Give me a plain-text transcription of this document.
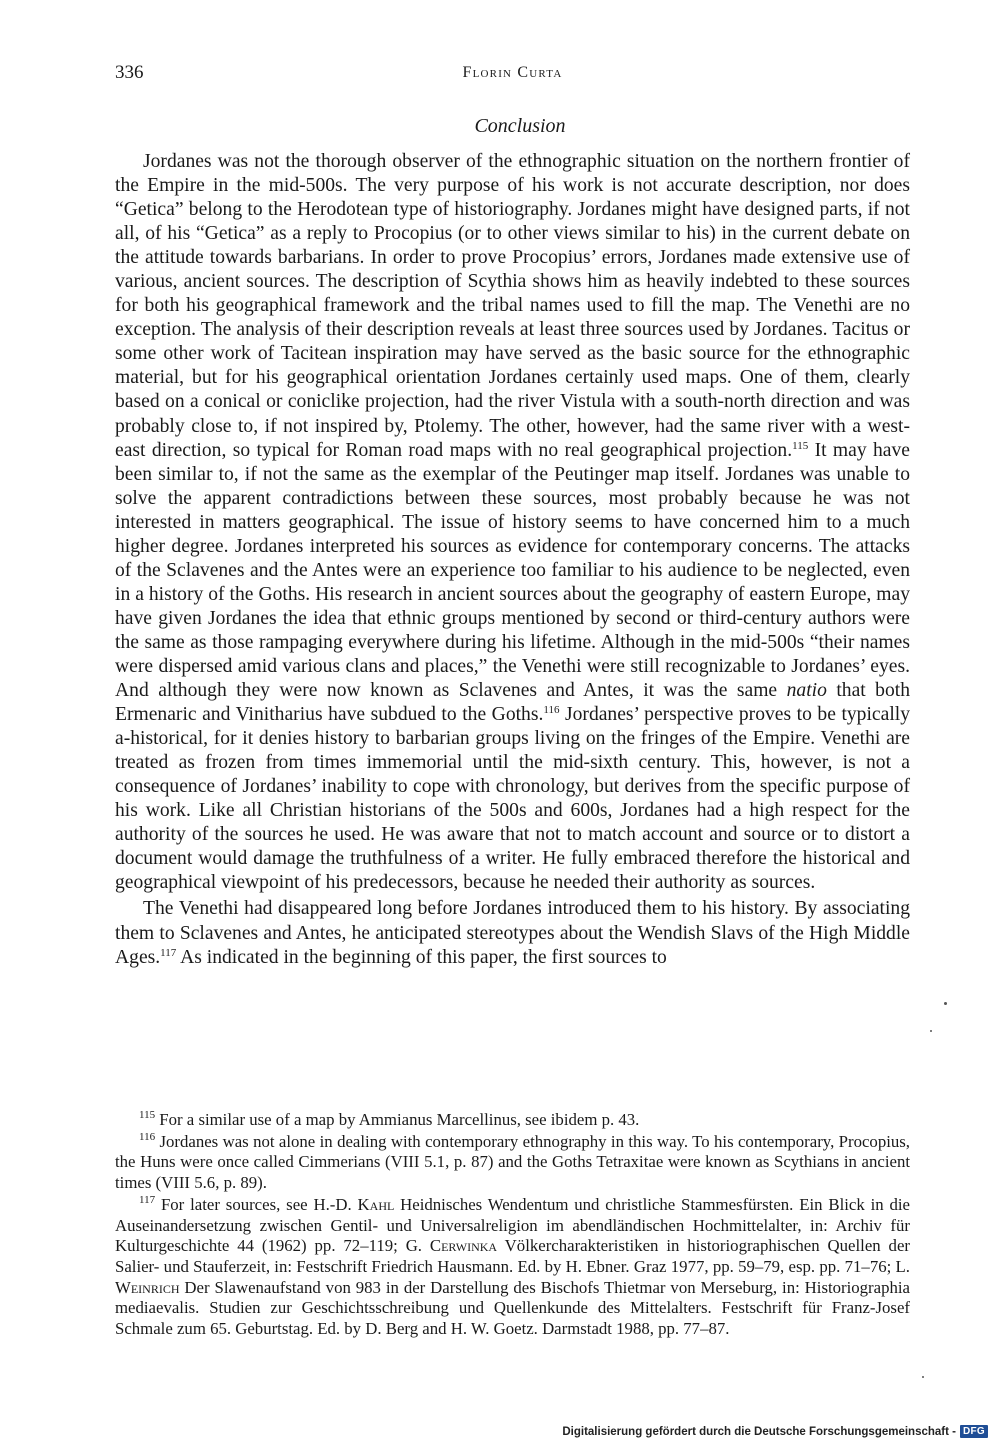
336	Florin Curta
Conclusion

Jordanes was not the thorough observer of the ethnographic situation on the northern frontier of the Empire in the mid-500s. The very purpose of his work is not accurate description, nor does “Getica” belong to the Herodotean type of historiography. Jordanes might have designed parts, if not all, of his “Getica” as a reply to Procopius (or to other views similar to his) in the current debate on the attitude towards barbarians. In order to prove Procopius’ errors, Jordanes made extensive use of various, ancient sources. The description of Scythia shows him as heavily indebted to these sources for both his geographical framework and the tribal names used to fill the map. The Venethi are no exception. The analysis of their description reveals at least three sources used by Jordanes. Tacitus or some other work of Tacitean inspiration may have served as the basic source for the ethnographic material, but for his geographical orientation Jordanes certainly used maps. One of them, clearly based on a conical or coniclike projection, had the river Vistula with a south-north direction and was probably close to, if not inspired by, Ptolemy. The other, however, had the same river with a west-east direction, so typical for Roman road maps with no real geographical projection.$^{115}$ It may have been similar to, if not the same as the exemplar of the Peutinger map itself. Jordanes was unable to solve the apparent contradictions between these sources, most probably because he was not interested in matters geographical. The issue of history seems to have concerned him to a much higher degree. Jordanes interpreted his sources as evidence for contemporary concerns. The attacks of the Sclavenes and the Antes were an experience too familiar to his audience to be neglected, even in a history of the Goths. His research in ancient sources about the geography of eastern Europe, may have given Jordanes the idea that ethnic groups mentioned by second or third-century authors were the same as those rampaging everywhere during his lifetime. Although in the mid-500s “their names were dispersed amid various clans and places,” the Venethi were still recognizable to Jordanes’ eyes. And although they were now known as Sclavenes and Antes, it was the same natio that both Ermenaric and Vinitharius have subdued to the Goths.$^{116}$ Jordanes’ perspective proves to be typically a-historical, for it denies history to barbarian groups living on the fringes of the Empire. Venethi are treated as frozen from times immemorial until the mid-sixth century. This, however, is not a consequence of Jordanes’ inability to cope with chronology, but derives from the specific purpose of his work. Like all Christian historians of the 500s and 600s, Jordanes had a high respect for the authority of the sources he used. He was aware that not to match account and source or to distort a document would damage the truthfulness of a writer. He fully embraced therefore the historical and geographical viewpoint of his predecessors, because he needed their authority as sources.

The Venethi had disappeared long before Jordanes introduced them to his history. By associating them to Sclavenes and Antes, he anticipated stereotypes about the Wendish Slavs of the High Middle Ages.$^{117}$ As indicated in the beginning of this paper, the first sources to

$^{115}$ For a similar use of a map by Ammianus Marcellinus, see ibidem p. 43.

$^{116}$ Jordanes was not alone in dealing with contemporary ethnography in this way. To his contemporary, Procopius, the Huns were once called Cimmerians (VIII 5.1, p. 87) and the Goths Tetraxitae were known as Scythians in ancient times (VIII 5.6, p. 89).

$^{117}$ For later sources, see H.-D. Kahl Heidnisches Wendentum und christliche Stammesfürsten. Ein Blick in die Auseinandersetzung zwischen Gentil- und Universalreligion im abendländischen Hochmittelalter, in: Archiv für Kulturgeschichte 44 (1962) pp. 72–119; G. Cerwinka Völkercharakteristiken in historiographischen Quellen der Salier- und Stauferzeit, in: Festschrift Friedrich Hausmann. Ed. by H. Ebner. Graz 1977, pp. 59–79, esp. pp. 71–76; L. Weinrich Der Slawenaufstand von 983 in der Darstellung des Bischofs Thietmar von Merseburg, in: Historiographia mediaevalis. Studien zur Geschichtsschreibung und Quellenkunde des Mittelalters. Festschrift für Franz-Josef Schmale zum 65. Geburtstag. Ed. by D. Berg and H. W. Goetz. Darmstadt 1988, pp. 77–87.

Digitalisierung gefördert durch die Deutsche Forschungsgemeinschaft - DFG
